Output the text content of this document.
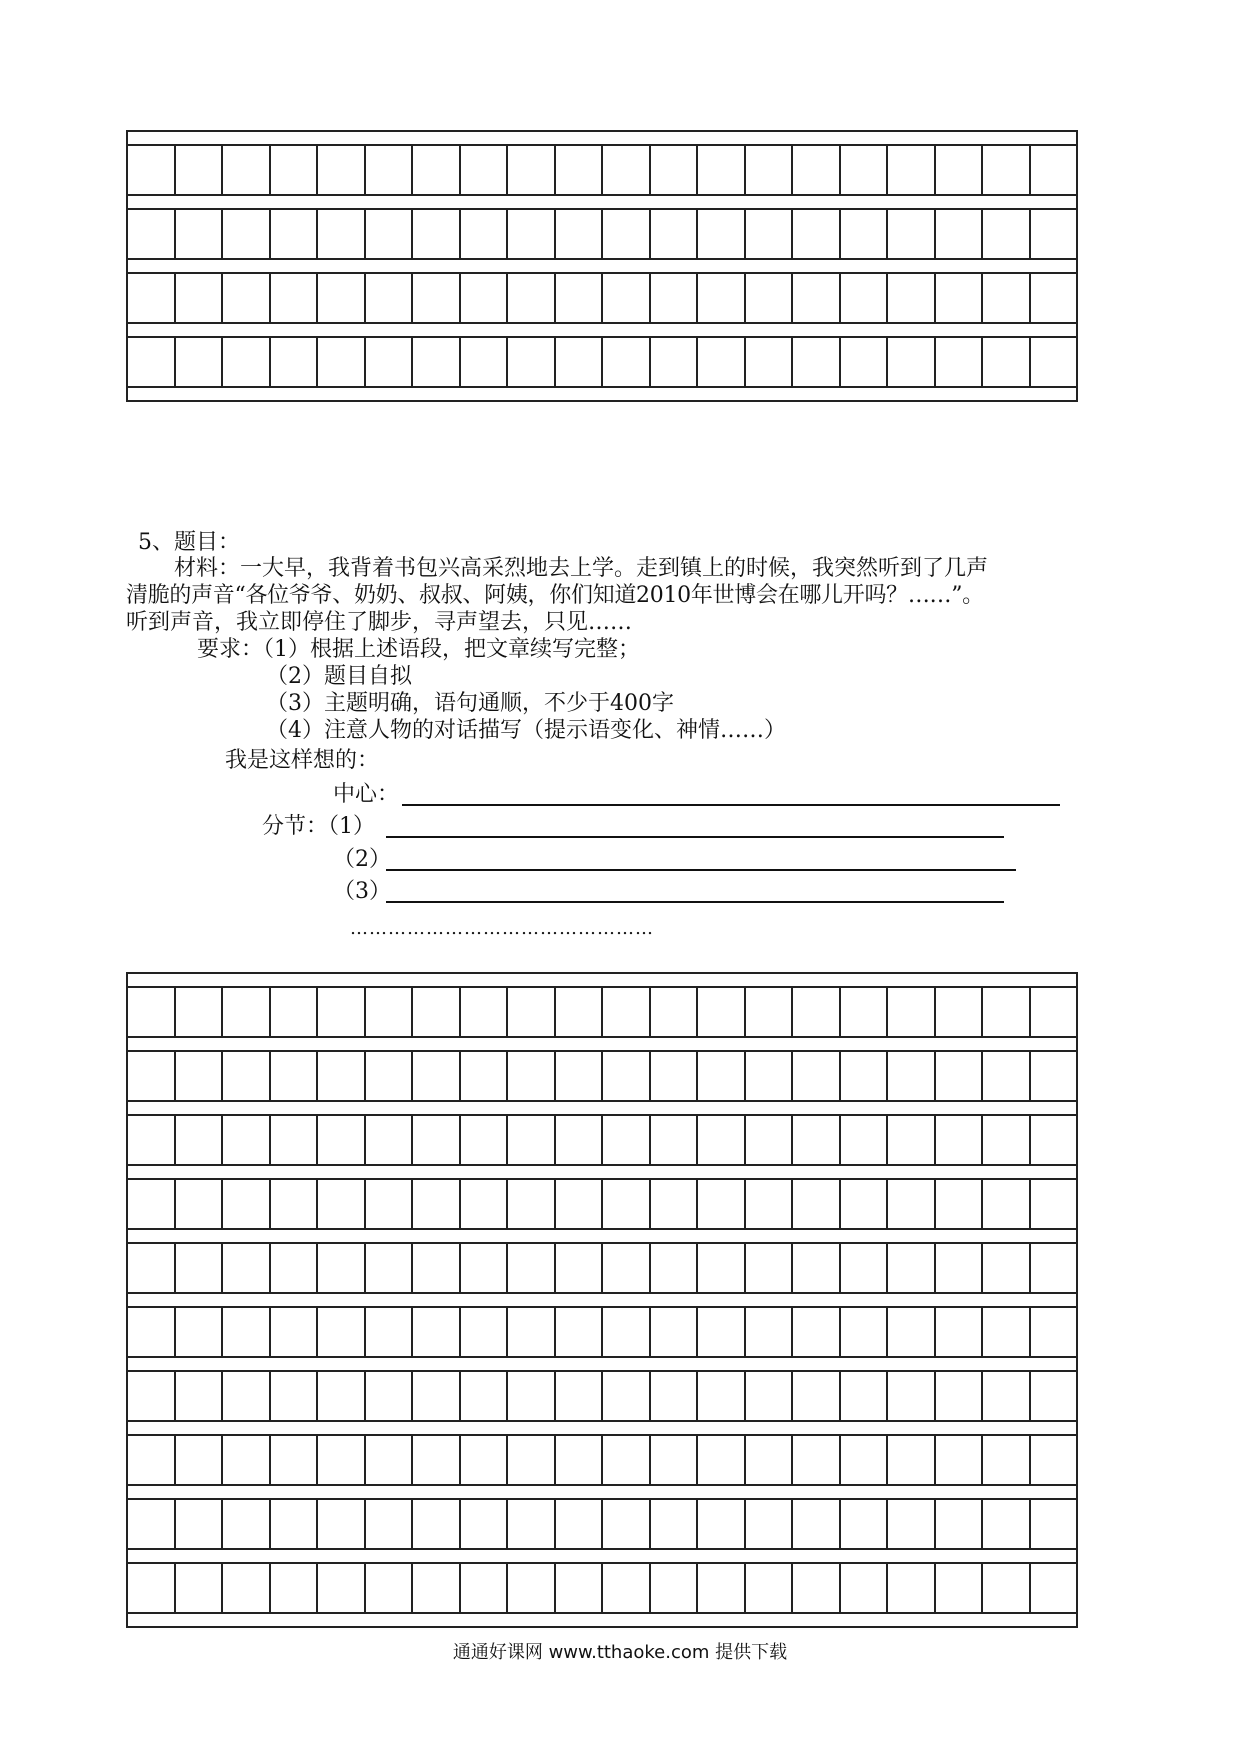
5、题目：
材料：一大早，我背着书包兴高采烈地去上学。走到镇上的时候，我突然听到了几声
清脆的声音“各位爷爷、奶奶、叔叔、阿姨，你们知道2010年世博会在哪儿开吗？……”。
听到声音，我立即停住了脚步，寻声望去，只见……
要求：（1）根据上述语段，把文章续写完整；
（2）题目自拟
（3）主题明确，语句通顺，不少于400字
（4）注意人物的对话描写（提示语变化、神情……）
我是这样想的：
中心：
分节：（1）
（2）
（3）
…………………………………………
通通好课网 www.tthaoke.com 提供下载
